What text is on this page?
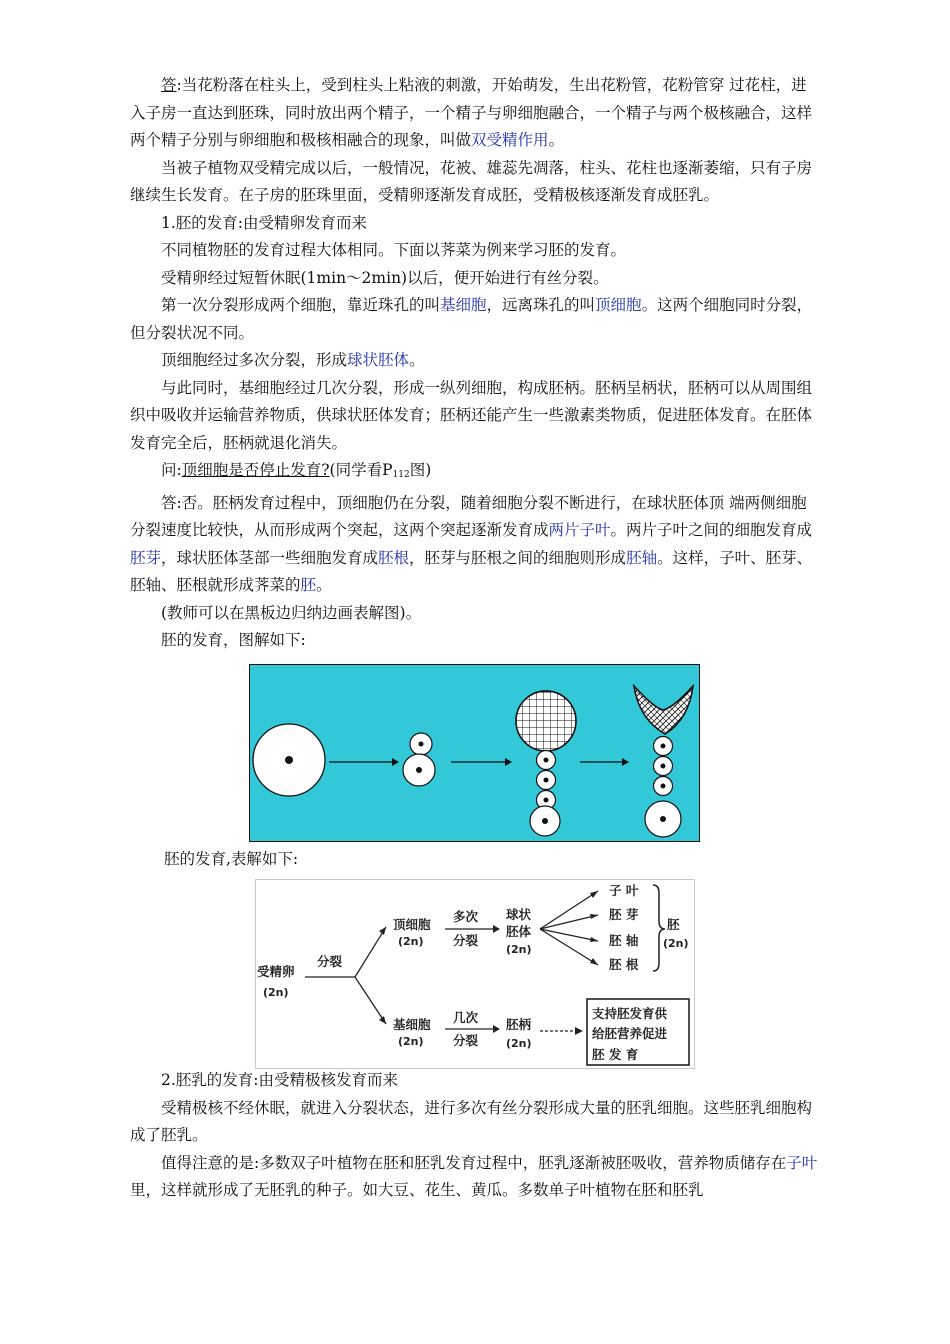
答:当花粉落在柱头上，受到柱头上粘液的刺激，开始萌发，生出花粉管，花粉管穿 过花柱，进入子房一直达到胚珠，同时放出两个精子，一个精子与卵细胞融合，一个精子与两个极核融合，这样两个精子分别与卵细胞和极核相融合的现象，叫做双受精作用。

当被子植物双受精完成以后，一般情况，花被、雄蕊先凋落，柱头、花柱也逐渐萎缩，只有子房继续生长发育。在子房的胚珠里面，受精卵逐渐发育成胚，受精极核逐渐发育成胚乳。

1.胚的发育:由受精卵发育而来

不同植物胚的发育过程大体相同。下面以荠菜为例来学习胚的发育。

受精卵经过短暂休眠(1min～2min)以后，便开始进行有丝分裂。

第一次分裂形成两个细胞，靠近珠孔的叫基细胞，远离珠孔的叫顶细胞。这两个细胞同时分裂，但分裂状况不同。

顶细胞经过多次分裂，形成球状胚体。

与此同时，基细胞经过几次分裂，形成一纵列细胞，构成胚柄。胚柄呈柄状，胚柄可以从周围组织中吸收并运输营养物质，供球状胚体发育；胚柄还能产生一些激素类物质，促进胚体发育。在胚体发育完全后，胚柄就退化消失。

问:顶细胞是否停止发育?(同学看$P_{112}$图)

答:否。胚柄发育过程中，顶细胞仍在分裂，随着细胞分裂不断进行，在球状胚体顶 端两侧细胞分裂速度比较快，从而形成两个突起，这两个突起逐渐发育成两片子叶。两片子叶之间的细胞发育成胚芽，球状胚体茎部一些细胞发育成胚根，胚芽与胚根之间的细胞则形成胚轴。这样，子叶、胚芽、胚轴、胚根就形成荠菜的胚。

(教师可以在黑板边归纳边画表解图)。

胚的发育，图解如下:

胚的发育,表解如下:

受精卵
(2n)
分裂
顶细胞
(2n)
多次
分裂
球状
胚体
(2n)
子 叶
胚 芽
胚 轴
胚 根
胚
(2n)
基细胞
(2n)
几次
分裂
胚柄
(2n)
支持胚发育供
给胚营养促进
胚 发 育

2.胚乳的发育:由受精极核发育而来

受精极核不经休眠，就进入分裂状态，进行多次有丝分裂形成大量的胚乳细胞。这些胚乳细胞构成了胚乳。

值得注意的是:多数双子叶植物在胚和胚乳发育过程中，胚乳逐渐被胚吸收，营养物质储存在子叶里，这样就形成了无胚乳的种子。如大豆、花生、黄瓜。多数单子叶植物在胚和胚乳
